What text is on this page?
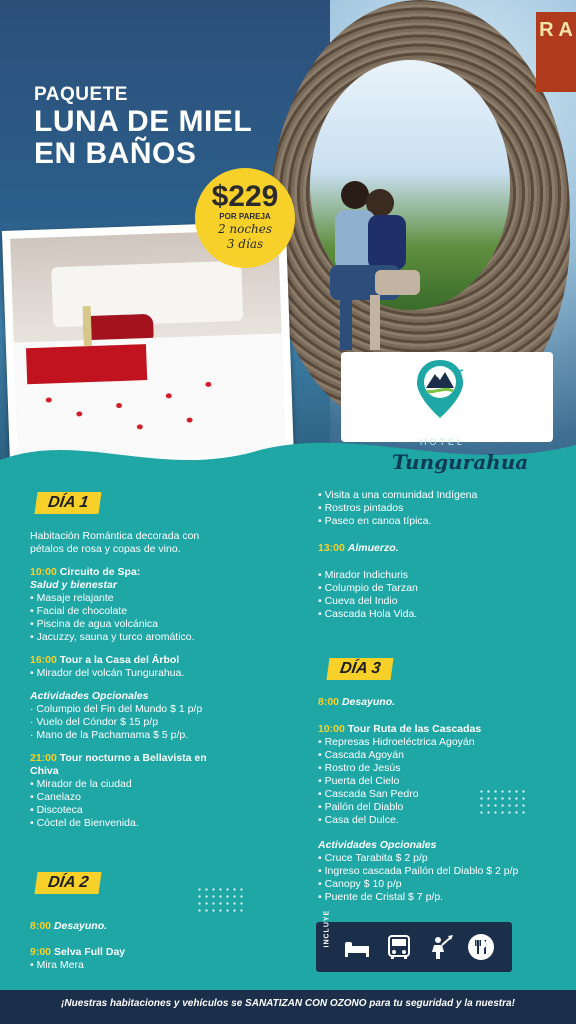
R A
PAQUETE
LUNA DE MIEL
EN BAÑOS
$229
POR PAREJA
2 noches
3 días
HOTEL
Tungurahua
DÍA 1

Habitación Romántica decorada con

pétalos de rosa y copas de vino.

10:00 Circuito de Spa:

Salud y bienestar

• Masaje relajante

• Facial de chocolate

• Piscina de agua volcánica

• Jacuzzy, sauna y turco aromático.

16:00 Tour a la Casa del Árbol

• Mirador del volcán Tungurahua.

Actividades Opcionales

· Columpio del Fin del Mundo $ 1 p/p

· Vuelo del Cóndor $ 15 p/p

· Mano de la Pachamama $ 5 p/p.

21:00 Tour nocturno a Bellavista en

Chiva

• Mirador de la ciudad

• Canelazo

• Discoteca

• Cóctel de Bienvenida.

DÍA 2

8:00 Desayuno.

9:00 Selva Full Day

• Mira Mera

• Visita a una comunidad Indígena

• Rostros pintados

• Paseo en canoa típica.

13:00 Almuerzo.

• Mirador Indichuris

• Columpio de Tarzan

• Cueva del Indio

• Cascada Hola Vida.

DÍA 3

8:00 Desayuno.

10:00 Tour Ruta de las Cascadas

• Represas Hidroeléctrica Agoyán

• Cascada Agoyán

• Rostro de Jesús

• Puerta del Cielo

• Cascada San Pedro

• Pailón del Diablo

• Casa del Dulce.

Actividades Opcionales

• Cruce Tarabita $ 2 p/p

• Ingreso cascada Pailón del Diablo $ 2 p/p

• Canopy $ 10 p/p

• Puente de Cristal $ 7 p/p.

INCLUYE
¡Nuestras habitaciones y vehículos se SANATIZAN CON OZONO para tu seguridad y la nuestra!
